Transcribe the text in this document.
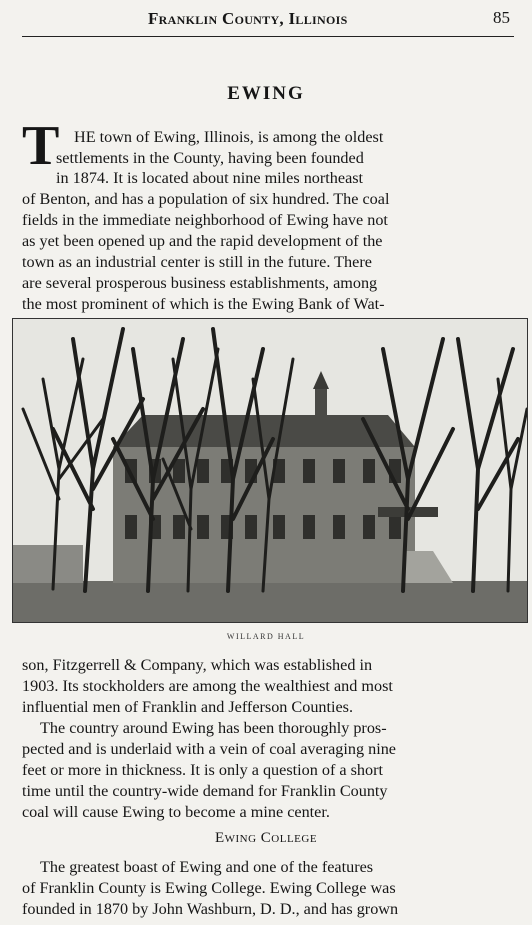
Franklin County, Illinois	85
EWING
T HE town of Ewing, Illinois, is among the oldest
settlements in the County, having been founded
in 1874. It is located about nine miles northeast
of Benton, and has a population of six hundred. The coal
fields in the immediate neighborhood of Ewing have not
as yet been opened up and the rapid development of the
town as an industrial center is still in the future. There
are several prosperous business establishments, among
the most prominent of which is the Ewing Bank of Wat-
WILLARD HALL
son, Fitzgerrell & Company, which was established in
1903. Its stockholders are among the wealthiest and most
influential men of Franklin and Jefferson Counties.
The country around Ewing has been thoroughly pros-
pected and is underlaid with a vein of coal averaging nine
feet or more in thickness. It is only a question of a short
time until the country-wide demand for Franklin County
coal will cause Ewing to become a mine center.
Ewing College
The greatest boast of Ewing and one of the features
of Franklin County is Ewing College. Ewing College was
founded in 1870 by John Washburn, D. D., and has grown
